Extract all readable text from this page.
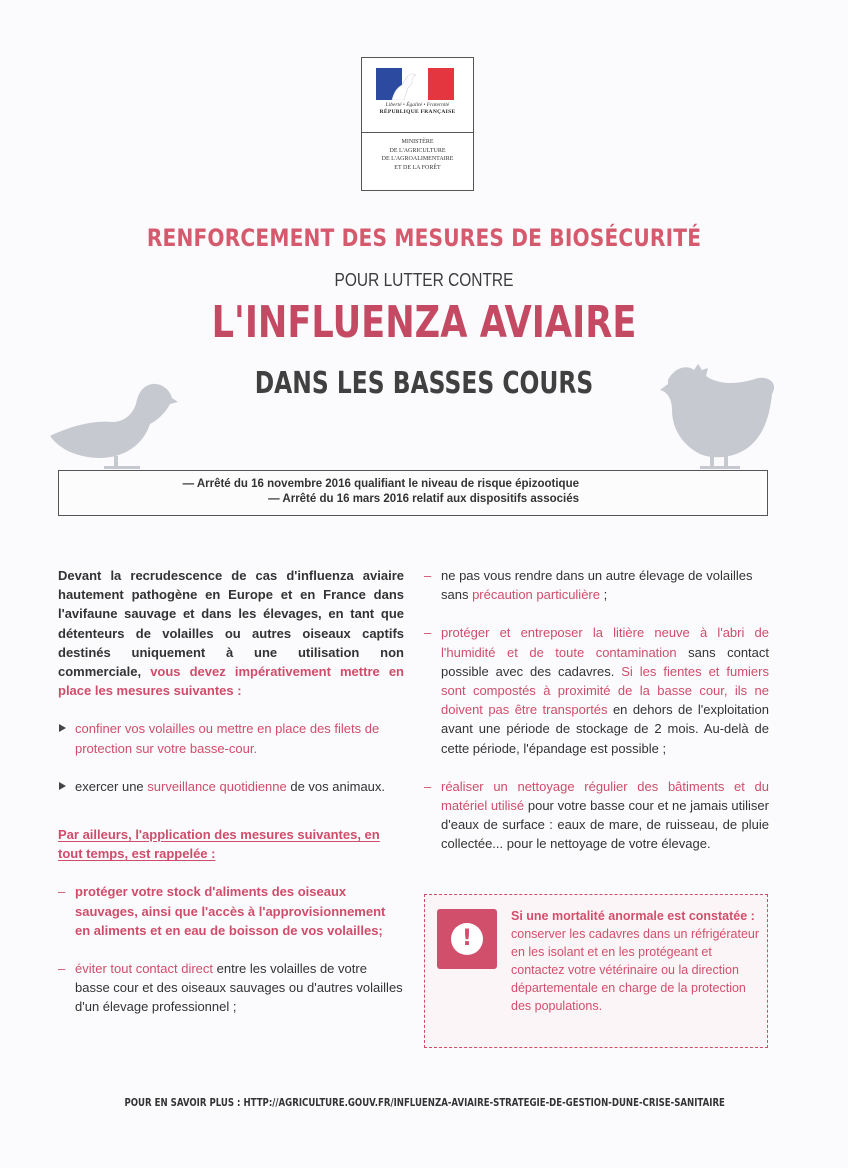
Liberté • Égalité • Fraternité
RÉPUBLIQUE FRANÇAISE
MINISTÈRE
DE L'AGRICULTURE
DE L'AGROALIMENTAIRE
ET DE LA FORÊT
RENFORCEMENT DES MESURES DE BIOSÉCURITÉ
POUR LUTTER CONTRE
L'INFLUENZA AVIAIRE
DANS LES BASSES COURS
— Arrêté du 16 novembre 2016 qualifiant le niveau de risque épizootique
— Arrêté du 16 mars 2016 relatif aux dispositifs associés

Devant la recrudescence de cas d'influenza aviaire hautement pathogène en Europe et en France dans l'avifaune sauvage et dans les élevages, en tant que détenteurs de volailles ou autres oiseaux captifs destinés uniquement à une utilisation non commerciale, vous devez impérativement mettre en place les mesures suivantes :

confiner vos volailles ou mettre en place des filets de protection sur votre basse-cour.
exercer une surveillance quotidienne de vos animaux.

Par ailleurs, l'application des mesures suivantes, en tout temps, est rappelée :

– protéger votre stock d'aliments des oiseaux sauvages, ainsi que l'accès à l'approvisionnement en aliments et en eau de boisson de vos volailles;
– éviter tout contact direct entre les volailles de votre basse cour et des oiseaux sauvages ou d'autres volailles d'un élevage professionnel ;
– ne pas vous rendre dans un autre élevage de volailles sans précaution particulière ;
– protéger et entreposer la litière neuve à l'abri de l'humidité et de toute contamination sans contact possible avec des cadavres. Si les fientes et fumiers sont compostés à proximité de la basse cour, ils ne doivent pas être transportés en dehors de l'exploitation avant une période de stockage de 2 mois. Au-delà de cette période, l'épandage est possible ;
– réaliser un nettoyage régulier des bâtiments et du matériel utilisé pour votre basse cour et ne jamais utiliser d'eaux de surface : eaux de mare, de ruisseau, de pluie collectée... pour le nettoyage de votre élevage.
!
Si une mortalité anormale est constatée : conserver les cadavres dans un réfrigérateur en les isolant et en les protégeant et contactez votre vétérinaire ou la direction départementale en charge de la protection des populations.
POUR EN SAVOIR PLUS : HTTP://AGRICULTURE.GOUV.FR/INFLUENZA-AVIAIRE-STRATEGIE-DE-GESTION-DUNE-CRISE-SANITAIRE
